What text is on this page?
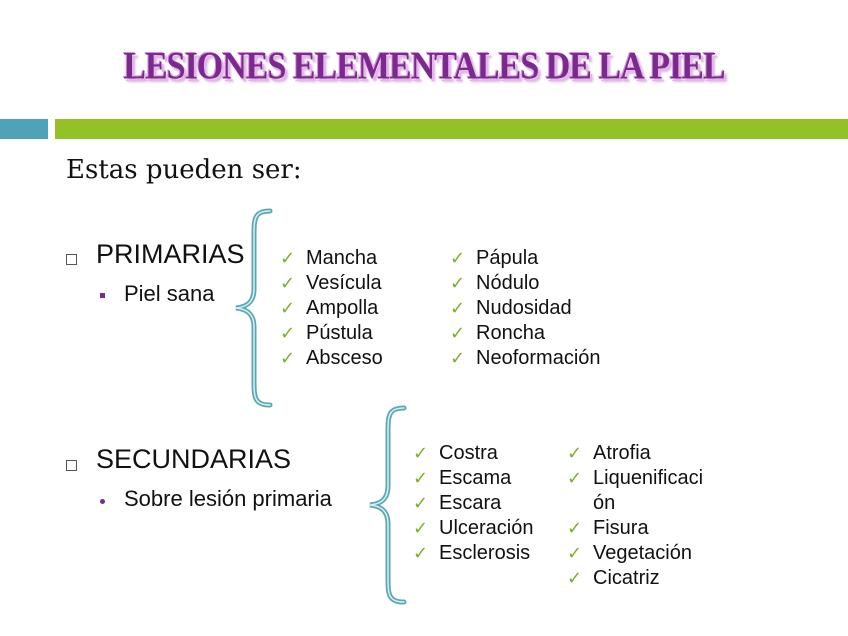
LESIONES ELEMENTALES DE LA PIEL
Estas pueden ser:
PRIMARIAS
Piel sana
✓ Mancha
✓ Vesícula
✓ Ampolla
✓ Pústula
✓ Absceso
✓ Pápula
✓ Nódulo
✓ Nudosidad
✓ Roncha
✓ Neoformación
SECUNDARIAS
Sobre lesión primaria
✓ Costra
✓ Escama
✓ Escara
✓ Ulceración
✓ Esclerosis
✓ Atrofia
✓ Liquenificaci
ón
✓ Fisura
✓ Vegetación
✓ Cicatriz
